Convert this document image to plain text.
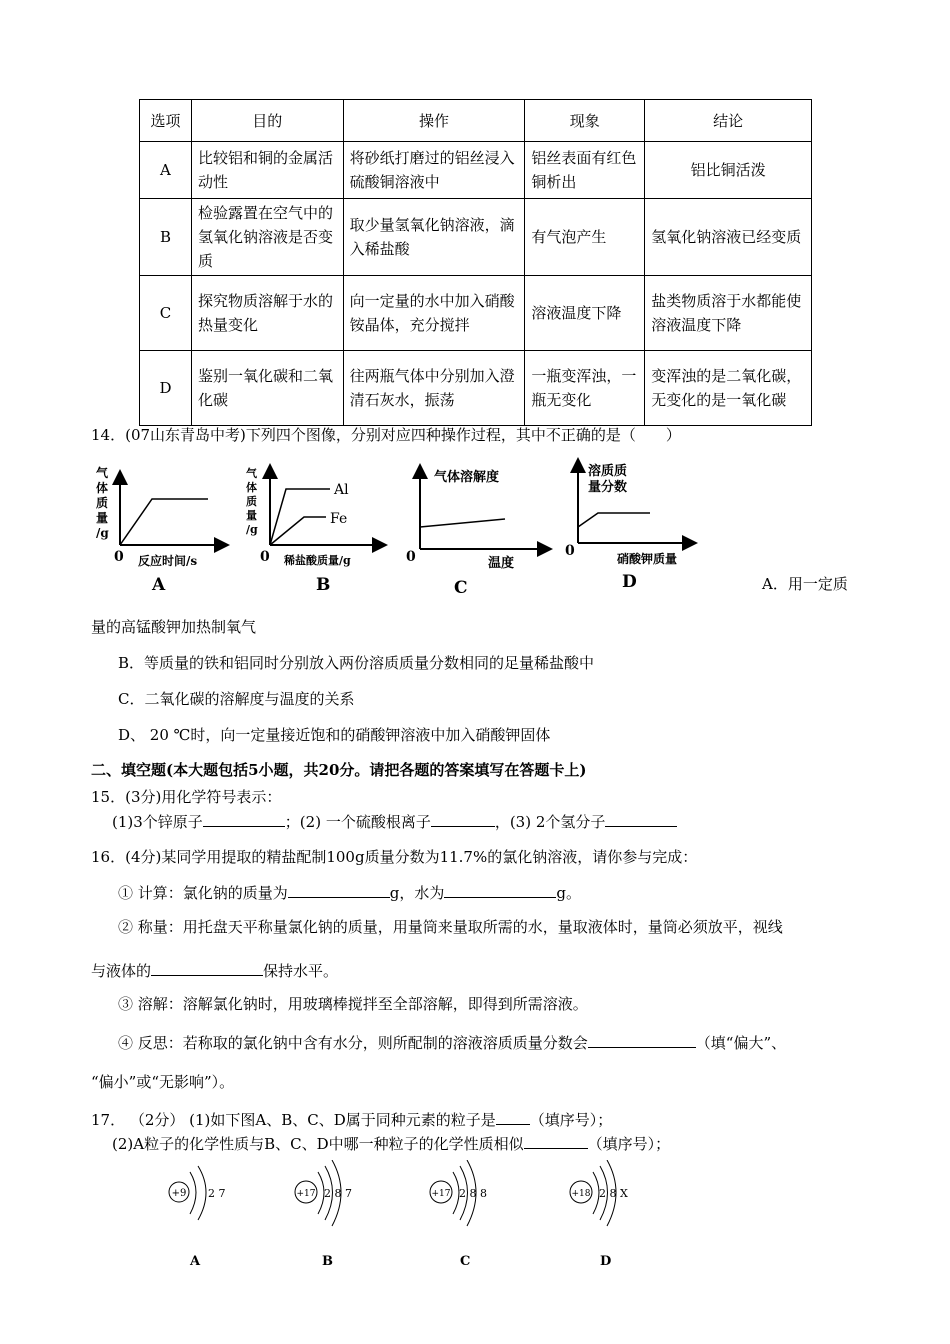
选项	目的	操作	现象	结论
A	比较铝和铜的金属活动性	将砂纸打磨过的铝丝浸入硫酸铜溶液中	铝丝表面有红色铜析出	铝比铜活泼
B	检验露置在空气中的氢氧化钠溶液是否变质	取少量氢氧化钠溶液，滴入稀盐酸	有气泡产生	氢氧化钠溶液已经变质
C	探究物质溶解于水的热量变化	向一定量的水中加入硝酸铵晶体，充分搅拌	溶液温度下降	盐类物质溶于水都能使溶液温度下降
D	鉴别一氧化碳和二氧化碳	往两瓶气体中分别加入澄清石灰水，振荡	一瓶变浑浊，一瓶无变化	变浑浊的是二氧化碳，无变化的是一氧化碳
14．(07山东青岛中考)下列四个图像，分别对应四种操作过程，其中不正确的是（　　）
气
体
质
量
/g
0 反应时间/s
A
Al
Fe
气
体
质
量
/g
0 稀盐酸质量/g
B
气体溶解度
0	温度
C
溶质质
量分数
0	硝酸钾质量
D	A．用一定质
量的高锰酸钾加热制氧气
B．等质量的铁和铝同时分别放入两份溶质质量分数相同的足量稀盐酸中
C．二氧化碳的溶解度与温度的关系
D、 20 ℃时，向一定量接近饱和的硝酸钾溶液中加入硝酸钾固体
二、填空题(本大题包括5小题，共20分。请把各题的答案填写在答题卡上)
15．(3分)用化学符号表示：
(1)3个锌原子	；(2) 一个硫酸根离子	，(3) 2个氢分子
16．(4分)某同学用提取的精盐配制100g质量分数为11.7%的氯化钠溶液，请你参与完成：
① 计算：氯化钠的质量为	g，水为	g。
② 称量：用托盘天平称量氯化钠的质量，用量筒来量取所需的水，量取液体时，量筒必须放平，视线
与液体的	保持水平。
③ 溶解：溶解氯化钠时，用玻璃棒搅拌至全部溶解，即得到所需溶液。
④ 反思：若称取的氯化钠中含有水分，则所配制的溶液溶质质量分数会	（填“偏大”、
“偏小”或“无影响”）。
17． （2分） (1)如下图A、B、C、D属于同种元素的粒子是 （填序号）；
(2)A粒子的化学性质与B、C、D中哪一种粒子的化学性质相似	（填序号）；
+9 2 7
A
+17 2 8 7
B
+17 2 8 8
C
+18 2 8 X
D
